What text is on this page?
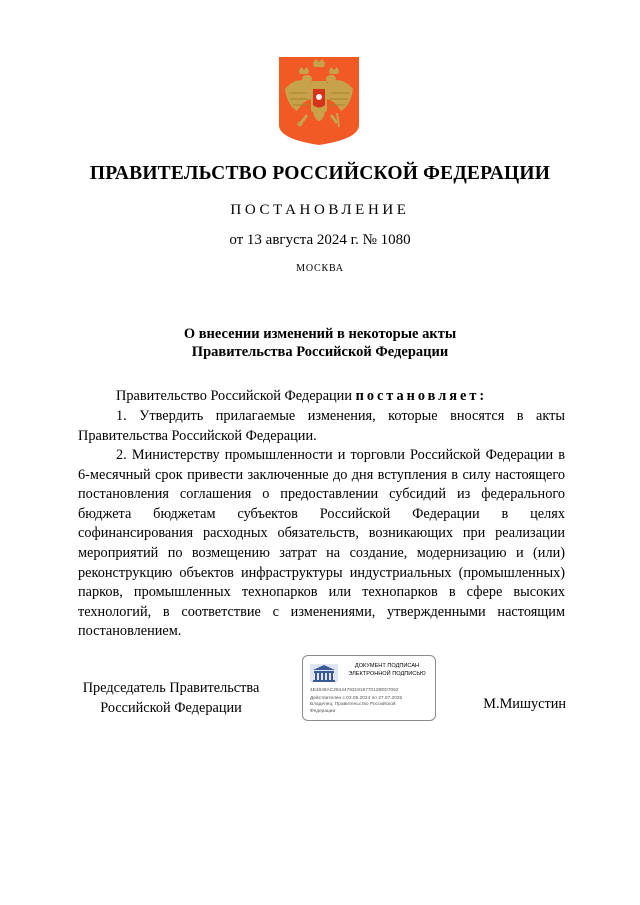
ПРАВИТЕЛЬСТВО РОССИЙСКОЙ ФЕДЕРАЦИИ
ПОСТАНОВЛЕНИЕ
от 13 августа 2024 г. № 1080
МОСКВА
О внесении изменений в некоторые акты
Правительства Российской Федерации
Правительство Российской Федерации постановляет:
1. Утвердить прилагаемые изменения, которые вносятся в акты Правительства Российской Федерации.
2. Министерству промышленности и торговли Российской Федерации в 6-месячный срок привести заключенные до дня вступления в силу настоящего постановления соглашения о предоставлении субсидий из федерального бюджета бюджетам субъектов Российской Федерации в целях софинансирования расходных обязательств, возникающих при реализации мероприятий по возмещению затрат на создание, модернизацию и (или) реконструкцию объектов инфраструктуры индустриальных (промышленных) парков, промышленных технопарков или технопарков в сфере высоких технологий, в соответствие с изменениями, утвержденными настоящим постановлением.
Председатель Правительства
Российской Федерации
ДОКУМЕНТ ПОДПИСАН
ЭЛЕКТРОННОЙ ПОДПИСЬЮ
4E4848AC284447931918770128ED7062
Действителен с 03.05.2024 по 27.07.2025
Владелец: Правительство Российской
Федерации	М.Мишустин
